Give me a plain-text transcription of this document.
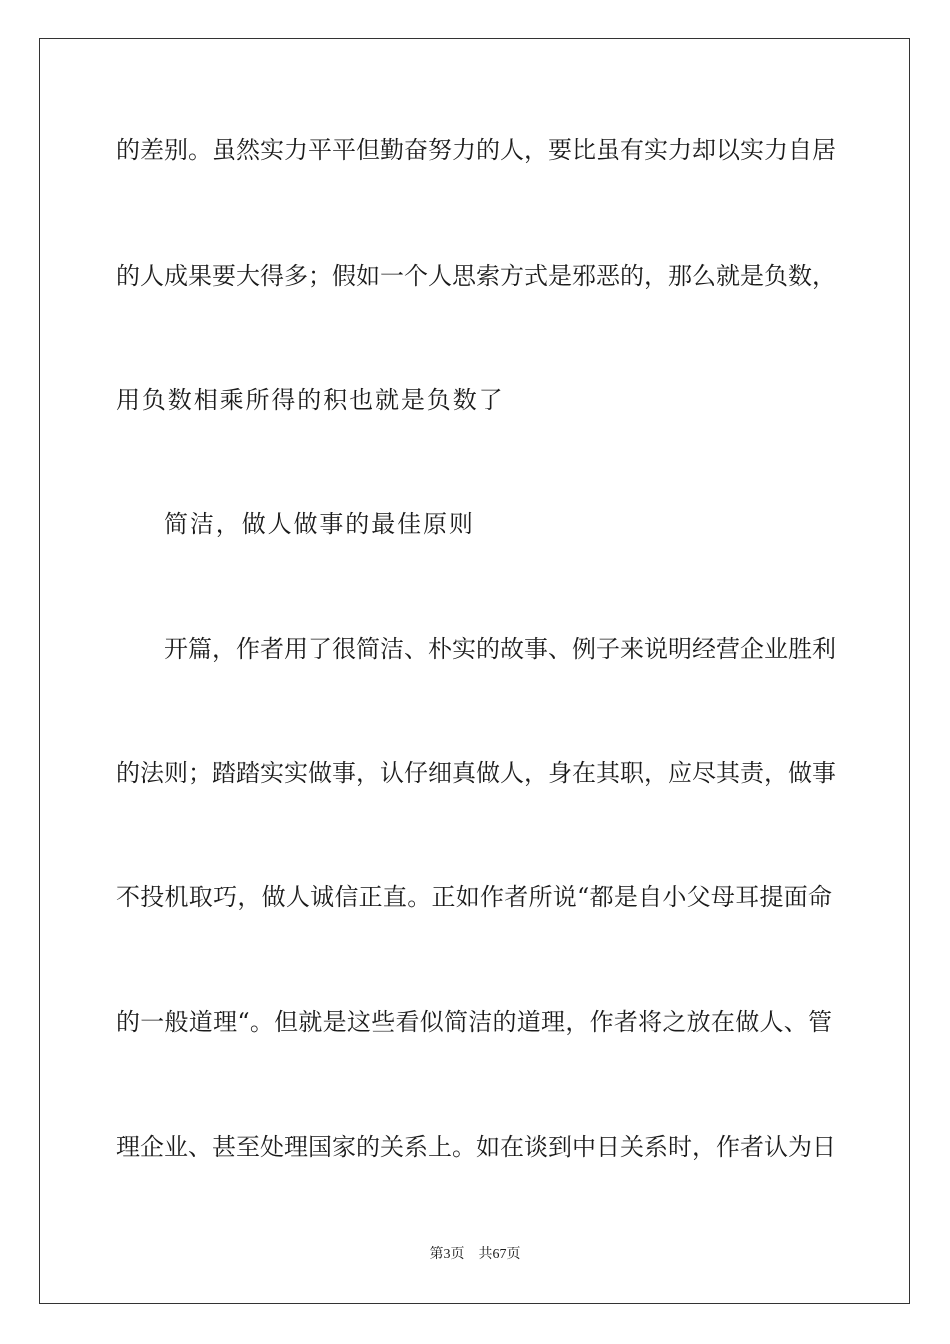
的差别。虽然实力平平但勤奋努力的人，要比虽有实力却以实力自居
的人成果要大得多；假如一个人思索方式是邪恶的，那么就是负数，
用负数相乘所得的积也就是负数了
简洁，做人做事的最佳原则
开篇，作者用了很简洁、朴实的故事、例子来说明经营企业胜利
的法则；踏踏实实做事，认仔细真做人，身在其职，应尽其责，做事
不投机取巧，做人诚信正直。正如作者所说“都是自小父母耳提面命
的一般道理“。但就是这些看似简洁的道理，作者将之放在做人、管
理企业、甚至处理国家的关系上。如在谈到中日关系时，作者认为日
第3页 共67页
